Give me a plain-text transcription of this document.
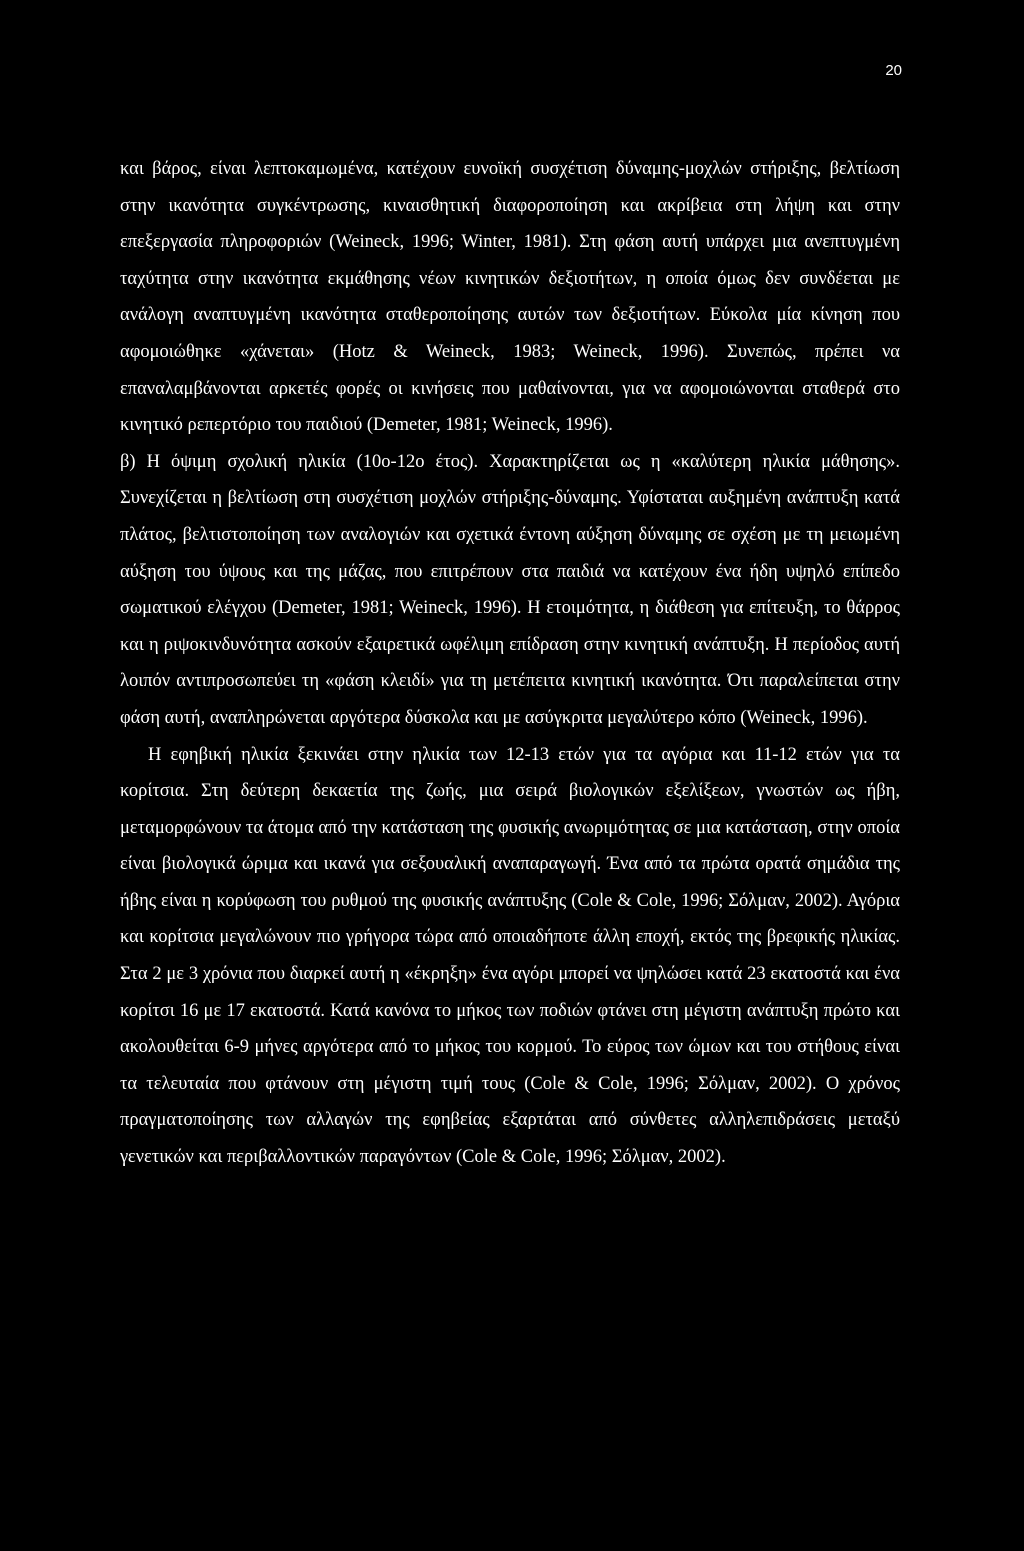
20

και βάρος, είναι λεπτοκαμωμένα, κατέχουν ευνοϊκή συσχέτιση δύναμης-μοχλών στήριξης, βελτίωση στην ικανότητα συγκέντρωσης, κιναισθητική διαφοροποίηση και ακρίβεια στη λήψη και στην επεξεργασία πληροφοριών (Weineck, 1996; Winter, 1981). Στη φάση αυτή υπάρχει μια ανεπτυγμένη ταχύτητα στην ικανότητα εκμάθησης νέων κινητικών δεξιοτήτων, η οποία όμως δεν συνδέεται με ανάλογη αναπτυγμένη ικανότητα σταθεροποίησης αυτών των δεξιοτήτων. Εύκολα μία κίνηση που αφομοιώθηκε «χάνεται» (Hotz & Weineck, 1983; Weineck, 1996). Συνεπώς, πρέπει να επαναλαμβάνονται αρκετές φορές οι κινήσεις που μαθαίνονται, για να αφομοιώνονται σταθερά στο κινητικό ρεπερτόριο του παιδιού (Demeter, 1981; Weineck, 1996).

β) Η όψιμη σχολική ηλικία (10ο-12ο έτος). Χαρακτηρίζεται ως η «καλύτερη ηλικία μάθησης». Συνεχίζεται η βελτίωση στη συσχέτιση μοχλών στήριξης-δύναμης. Υφίσταται αυξημένη ανάπτυξη κατά πλάτος, βελτιστοποίηση των αναλογιών και σχετικά έντονη αύξηση δύναμης σε σχέση με τη μειωμένη αύξηση του ύψους και της μάζας, που επιτρέπουν στα παιδιά να κατέχουν ένα ήδη υψηλό επίπεδο σωματικού ελέγχου (Demeter, 1981; Weineck, 1996). Η ετοιμότητα, η διάθεση για επίτευξη, το θάρρος και η ριψοκινδυνότητα ασκούν εξαιρετικά ωφέλιμη επίδραση στην κινητική ανάπτυξη. Η περίοδος αυτή λοιπόν αντιπροσωπεύει τη «φάση κλειδί» για τη μετέπειτα κινητική ικανότητα. Ότι παραλείπεται στην φάση αυτή, αναπληρώνεται αργότερα δύσκολα και με ασύγκριτα μεγαλύτερο κόπο (Weineck, 1996).

Η εφηβική ηλικία ξεκινάει στην ηλικία των 12-13 ετών για τα αγόρια και 11-12 ετών για τα κορίτσια. Στη δεύτερη δεκαετία της ζωής, μια σειρά βιολογικών εξελίξεων, γνωστών ως ήβη, μεταμορφώνουν τα άτομα από την κατάσταση της φυσικής ανωριμότητας σε μια κατάσταση, στην οποία είναι βιολογικά ώριμα και ικανά για σεξουαλική αναπαραγωγή. Ένα από τα πρώτα ορατά σημάδια της ήβης είναι η κορύφωση του ρυθμού της φυσικής ανάπτυξης (Cole & Cole, 1996; Σόλμαν, 2002). Αγόρια και κορίτσια μεγαλώνουν πιο γρήγορα τώρα από οποιαδήποτε άλλη εποχή, εκτός της βρεφικής ηλικίας. Στα 2 με 3 χρόνια που διαρκεί αυτή η «έκρηξη» ένα αγόρι μπορεί να ψηλώσει κατά 23 εκατοστά και ένα κορίτσι 16 με 17 εκατοστά. Κατά κανόνα το μήκος των ποδιών φτάνει στη μέγιστη ανάπτυξη πρώτο και ακολουθείται 6-9 μήνες αργότερα από το μήκος του κορμού. Το εύρος των ώμων και του στήθους είναι τα τελευταία που φτάνουν στη μέγιστη τιμή τους (Cole & Cole, 1996; Σόλμαν, 2002). Ο χρόνος πραγματοποίησης των αλλαγών της εφηβείας εξαρτάται από σύνθετες αλληλεπιδράσεις μεταξύ γενετικών και περιβαλλοντικών παραγόντων (Cole & Cole, 1996; Σόλμαν, 2002).
